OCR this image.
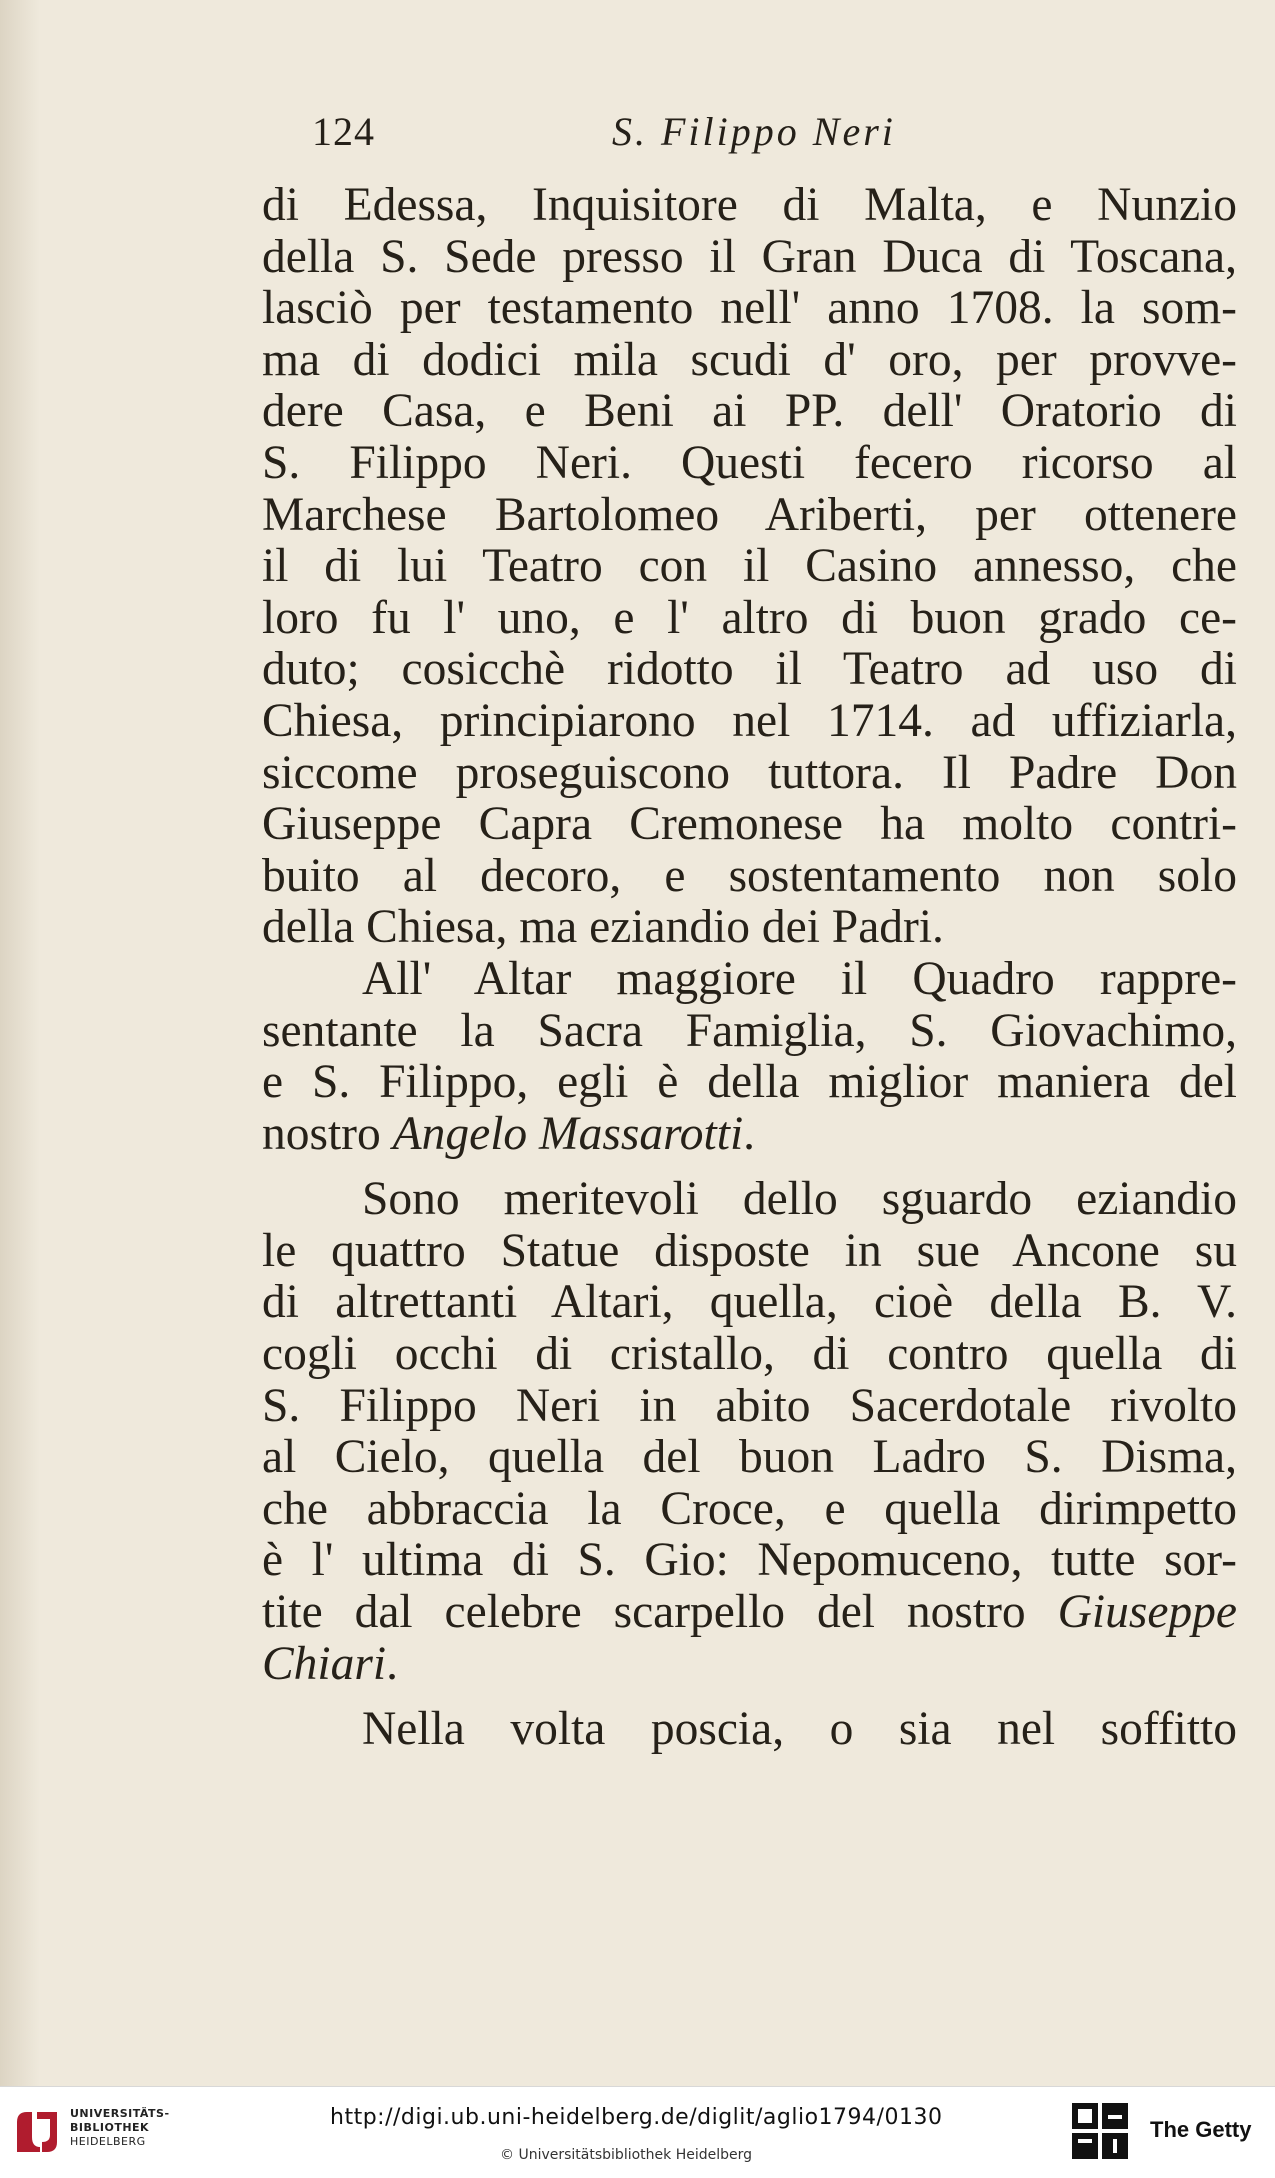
124	S. Filippo Neri
di Edessa, Inquisitore di Malta, e Nunzio
della S. Sede presso il Gran Duca di Toscana,
lasciò per testamento nell' anno 1708. la som-
ma di dodici mila scudi d' oro, per provve-
dere Casa, e Beni ai PP. dell' Oratorio di
S. Filippo Neri. Questi fecero ricorso al
Marchese Bartolomeo Ariberti, per ottenere
il di lui Teatro con il Casino annesso, che
loro fu l' uno, e l' altro di buon grado ce-
duto; cosicchè ridotto il Teatro ad uso di
Chiesa, principiarono nel 1714. ad uffiziarla,
siccome proseguiscono tuttora. Il Padre Don
Giuseppe Capra Cremonese ha molto contri-
buito al decoro, e sostentamento non solo
della Chiesa, ma eziandio dei Padri.
All' Altar maggiore il Quadro rappre-
sentante la Sacra Famiglia, S. Giovachimo,
e S. Filippo, egli è della miglior maniera del
nostro Angelo Massarotti.
Sono meritevoli dello sguardo eziandio
le quattro Statue disposte in sue Ancone su
di altrettanti Altari, quella, cioè della B. V.
cogli occhi di cristallo, di contro quella di
S. Filippo Neri in abito Sacerdotale rivolto
al Cielo, quella del buon Ladro S. Disma,
che abbraccia la Croce, e quella dirimpetto
è l' ultima di S. Gio: Nepomuceno, tutte sor-
tite dal celebre scarpello del nostro Giuseppe
Chiari.
Nella volta poscia, o sia nel soffitto
UNIVERSITÄTS-
BIBLIOTHEK
HEIDELBERG
http://digi.ub.uni-heidelberg.de/diglit/aglio1794/0130
© Universitätsbibliothek Heidelberg
The Getty
